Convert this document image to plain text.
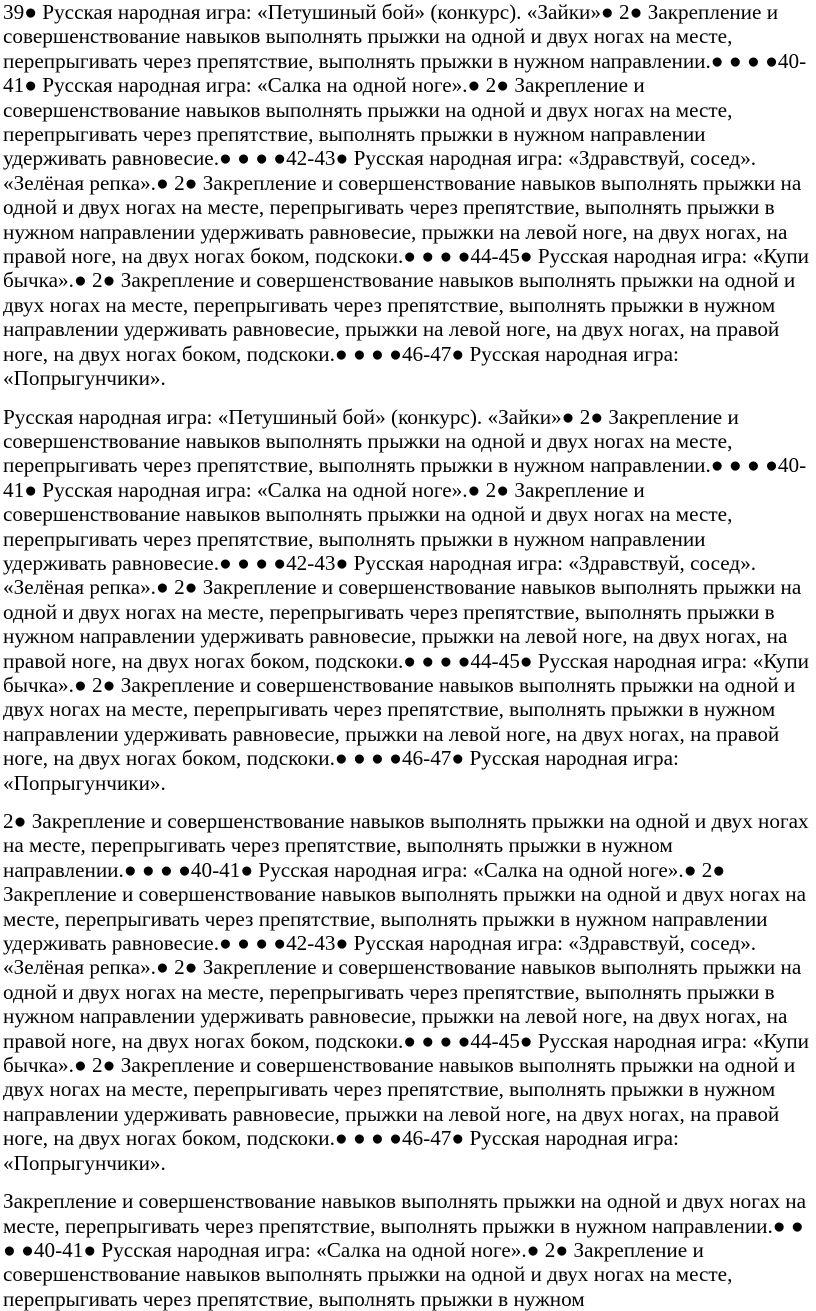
39● Русская народная игра: «Петушиный бой» (конкурс). «Зайки»● 2● Закрепление и совершенствование навыков выполнять прыжки на одной и двух ногах на месте, перепрыгивать через препятствие, выполнять прыжки в нужном направлении.● ● ● ●40-41● Русская народная игра: «Салка на одной ноге».● 2● Закрепление и совершенствование навыков выполнять прыжки на одной и двух ногах на месте, перепрыгивать через препятствие, выполнять прыжки в нужном направлении удерживать равновесие.● ● ● ●42-43● Русская народная игра: «Здравствуй, сосед». «Зелёная репка».● 2● Закрепление и совершенствование навыков выполнять прыжки на одной и двух ногах на месте, перепрыгивать через препятствие, выполнять прыжки в нужном направлении удерживать равновесие, прыжки на левой ноге, на двух ногах, на правой ноге, на двух ногах боком, подскоки.● ● ● ●44-45● Русская народная игра: «Купи бычка».● 2● Закрепление и совершенствование навыков выполнять прыжки на одной и двух ногах на месте, перепрыгивать через препятствие, выполнять прыжки в нужном направлении удерживать равновесие, прыжки на левой ноге, на двух ногах, на правой ноге, на двух ногах боком, подскоки.● ● ● ●46-47● Русская народная игра: «Попрыгунчики».

Русская народная игра: «Петушиный бой» (конкурс). «Зайки»● 2● Закрепление и совершенствование навыков выполнять прыжки на одной и двух ногах на месте, перепрыгивать через препятствие, выполнять прыжки в нужном направлении.● ● ● ●40-41● Русская народная игра: «Салка на одной ноге».● 2● Закрепление и совершенствование навыков выполнять прыжки на одной и двух ногах на месте, перепрыгивать через препятствие, выполнять прыжки в нужном направлении удерживать равновесие.● ● ● ●42-43● Русская народная игра: «Здравствуй, сосед». «Зелёная репка».● 2● Закрепление и совершенствование навыков выполнять прыжки на одной и двух ногах на месте, перепрыгивать через препятствие, выполнять прыжки в нужном направлении удерживать равновесие, прыжки на левой ноге, на двух ногах, на правой ноге, на двух ногах боком, подскоки.● ● ● ●44-45● Русская народная игра: «Купи бычка».● 2● Закрепление и совершенствование навыков выполнять прыжки на одной и двух ногах на месте, перепрыгивать через препятствие, выполнять прыжки в нужном направлении удерживать равновесие, прыжки на левой ноге, на двух ногах, на правой ноге, на двух ногах боком, подскоки.● ● ● ●46-47● Русская народная игра: «Попрыгунчики».

2● Закрепление и совершенствование навыков выполнять прыжки на одной и двух ногах на месте, перепрыгивать через препятствие, выполнять прыжки в нужном направлении.● ● ● ●40-41● Русская народная игра: «Салка на одной ноге».● 2● Закрепление и совершенствование навыков выполнять прыжки на одной и двух ногах на месте, перепрыгивать через препятствие, выполнять прыжки в нужном направлении удерживать равновесие.● ● ● ●42-43● Русская народная игра: «Здравствуй, сосед». «Зелёная репка».● 2● Закрепление и совершенствование навыков выполнять прыжки на одной и двух ногах на месте, перепрыгивать через препятствие, выполнять прыжки в нужном направлении удерживать равновесие, прыжки на левой ноге, на двух ногах, на правой ноге, на двух ногах боком, подскоки.● ● ● ●44-45● Русская народная игра: «Купи бычка».● 2● Закрепление и совершенствование навыков выполнять прыжки на одной и двух ногах на месте, перепрыгивать через препятствие, выполнять прыжки в нужном направлении удерживать равновесие, прыжки на левой ноге, на двух ногах, на правой ноге, на двух ногах боком, подскоки.● ● ● ●46-47● Русская народная игра: «Попрыгунчики».

Закрепление и совершенствование навыков выполнять прыжки на одной и двух ногах на месте, перепрыгивать через препятствие, выполнять прыжки в нужном направлении.● ● ● ●40-41● Русская народная игра: «Салка на одной ноге».● 2● Закрепление и совершенствование навыков выполнять прыжки на одной и двух ногах на месте, перепрыгивать через препятствие, выполнять прыжки в нужном
